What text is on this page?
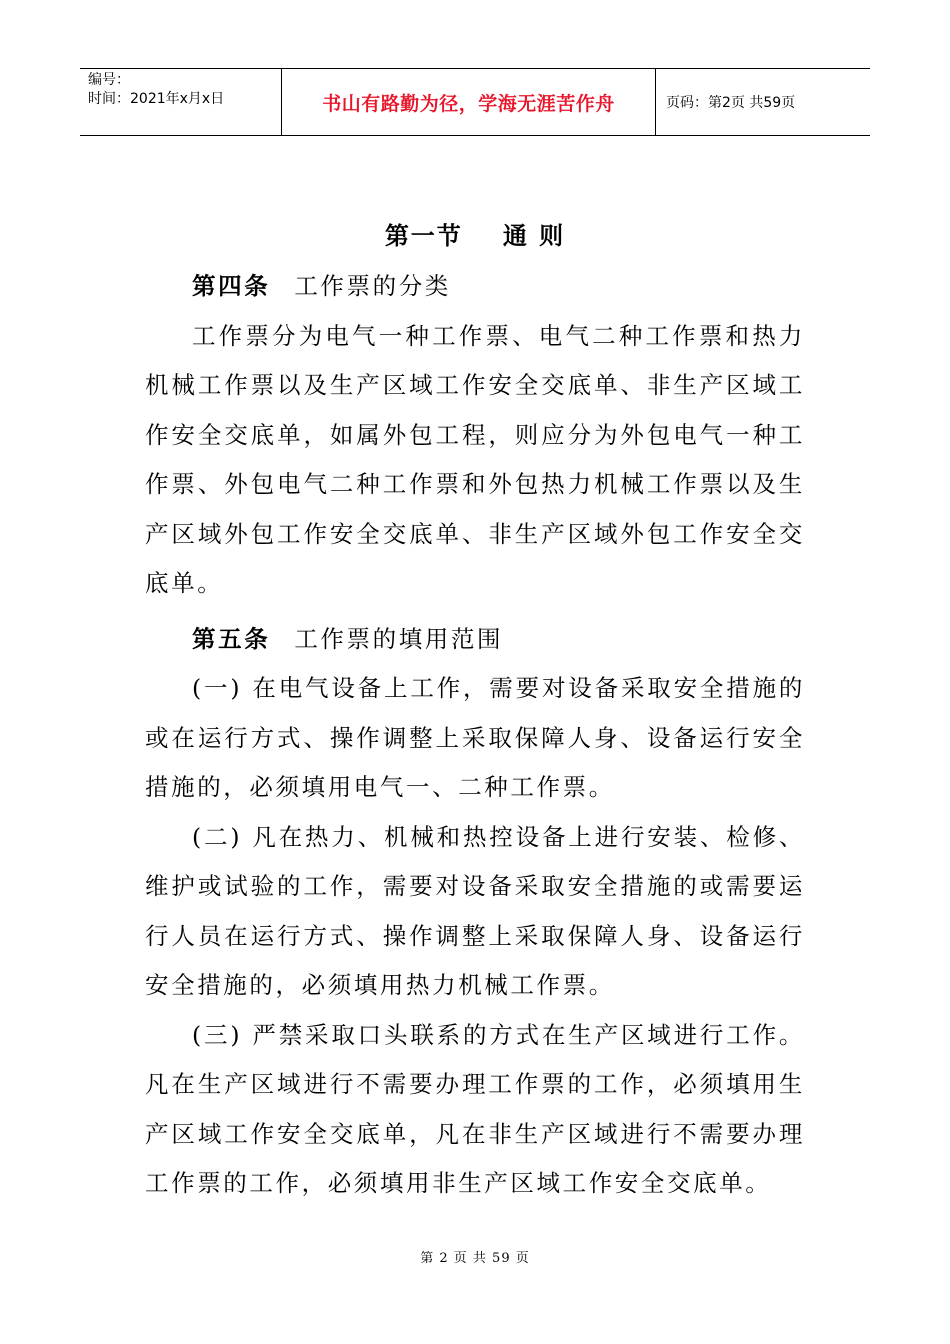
编号：
时间：2021年x月x日	书山有路勤为径，学海无涯苦作舟	页码：第2页 共59页
第一节 通 则

第四条 工作票的分类

工作票分为电气一种工作票、电气二种工作票和热力机械工作票以及生产区域工作安全交底单、非生产区域工作安全交底单，如属外包工程，则应分为外包电气一种工作票、外包电气二种工作票和外包热力机械工作票以及生产区域外包工作安全交底单、非生产区域外包工作安全交底单。

第五条 工作票的填用范围

(一) 在电气设备上工作，需要对设备采取安全措施的或在运行方式、操作调整上采取保障人身、设备运行安全措施的，必须填用电气一、二种工作票。

(二) 凡在热力、机械和热控设备上进行安装、检修、维护或试验的工作，需要对设备采取安全措施的或需要运行人员在运行方式、操作调整上采取保障人身、设备运行安全措施的，必须填用热力机械工作票。

(三) 严禁采取口头联系的方式在生产区域进行工作。凡在生产区域进行不需要办理工作票的工作，必须填用生产区域工作安全交底单，凡在非生产区域进行不需要办理工作票的工作，必须填用非生产区域工作安全交底单。

第 2 页 共 59 页
